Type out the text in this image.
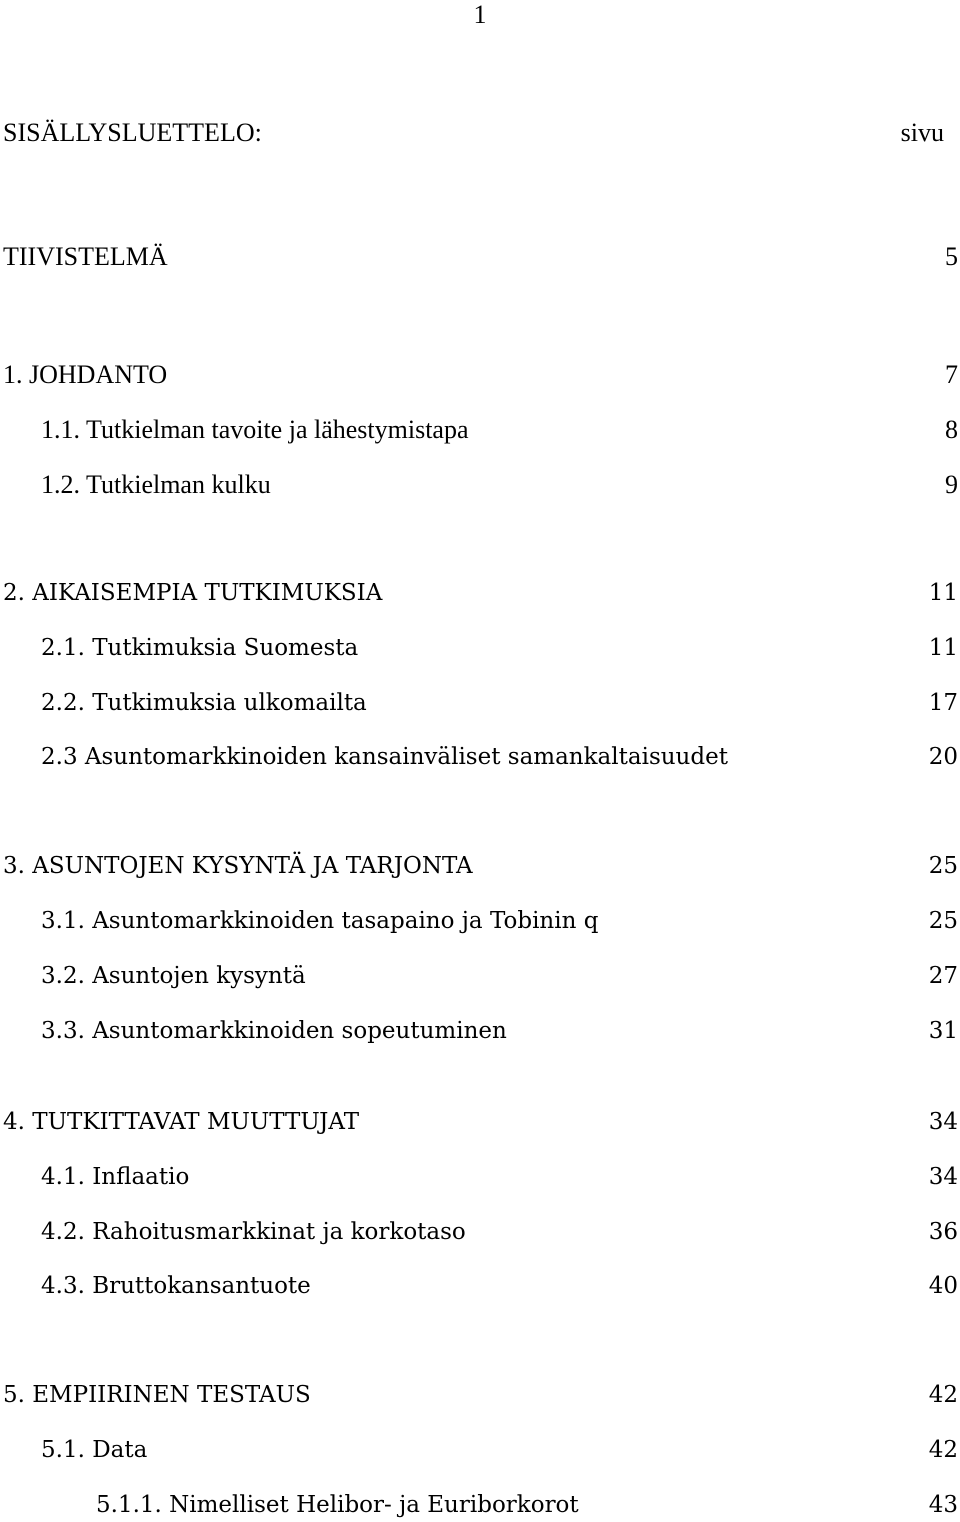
1
SISÄLLYSLUETTELO:	sivu
TIIVISTELMÄ	5
1. JOHDANTO	7
1.1. Tutkielman tavoite ja lähestymistapa	8
1.2. Tutkielman kulku	9
2. AIKAISEMPIA TUTKIMUKSIA	11
2.1. Tutkimuksia Suomesta	11
2.2. Tutkimuksia ulkomailta	17
2.3 Asuntomarkkinoiden kansainväliset samankaltaisuudet	20
3. ASUNTOJEN KYSYNTÄ JA TARJONTA	25
3.1. Asuntomarkkinoiden tasapaino ja Tobinin q	25
3.2. Asuntojen kysyntä	27
3.3. Asuntomarkkinoiden sopeutuminen	31
4. TUTKITTAVAT MUUTTUJAT	34
4.1. Inflaatio	34
4.2. Rahoitusmarkkinat ja korkotaso	36
4.3. Bruttokansantuote	40
5. EMPIIRINEN TESTAUS	42
5.1. Data	42
5.1.1. Nimelliset Helibor- ja Euriborkorot	43
